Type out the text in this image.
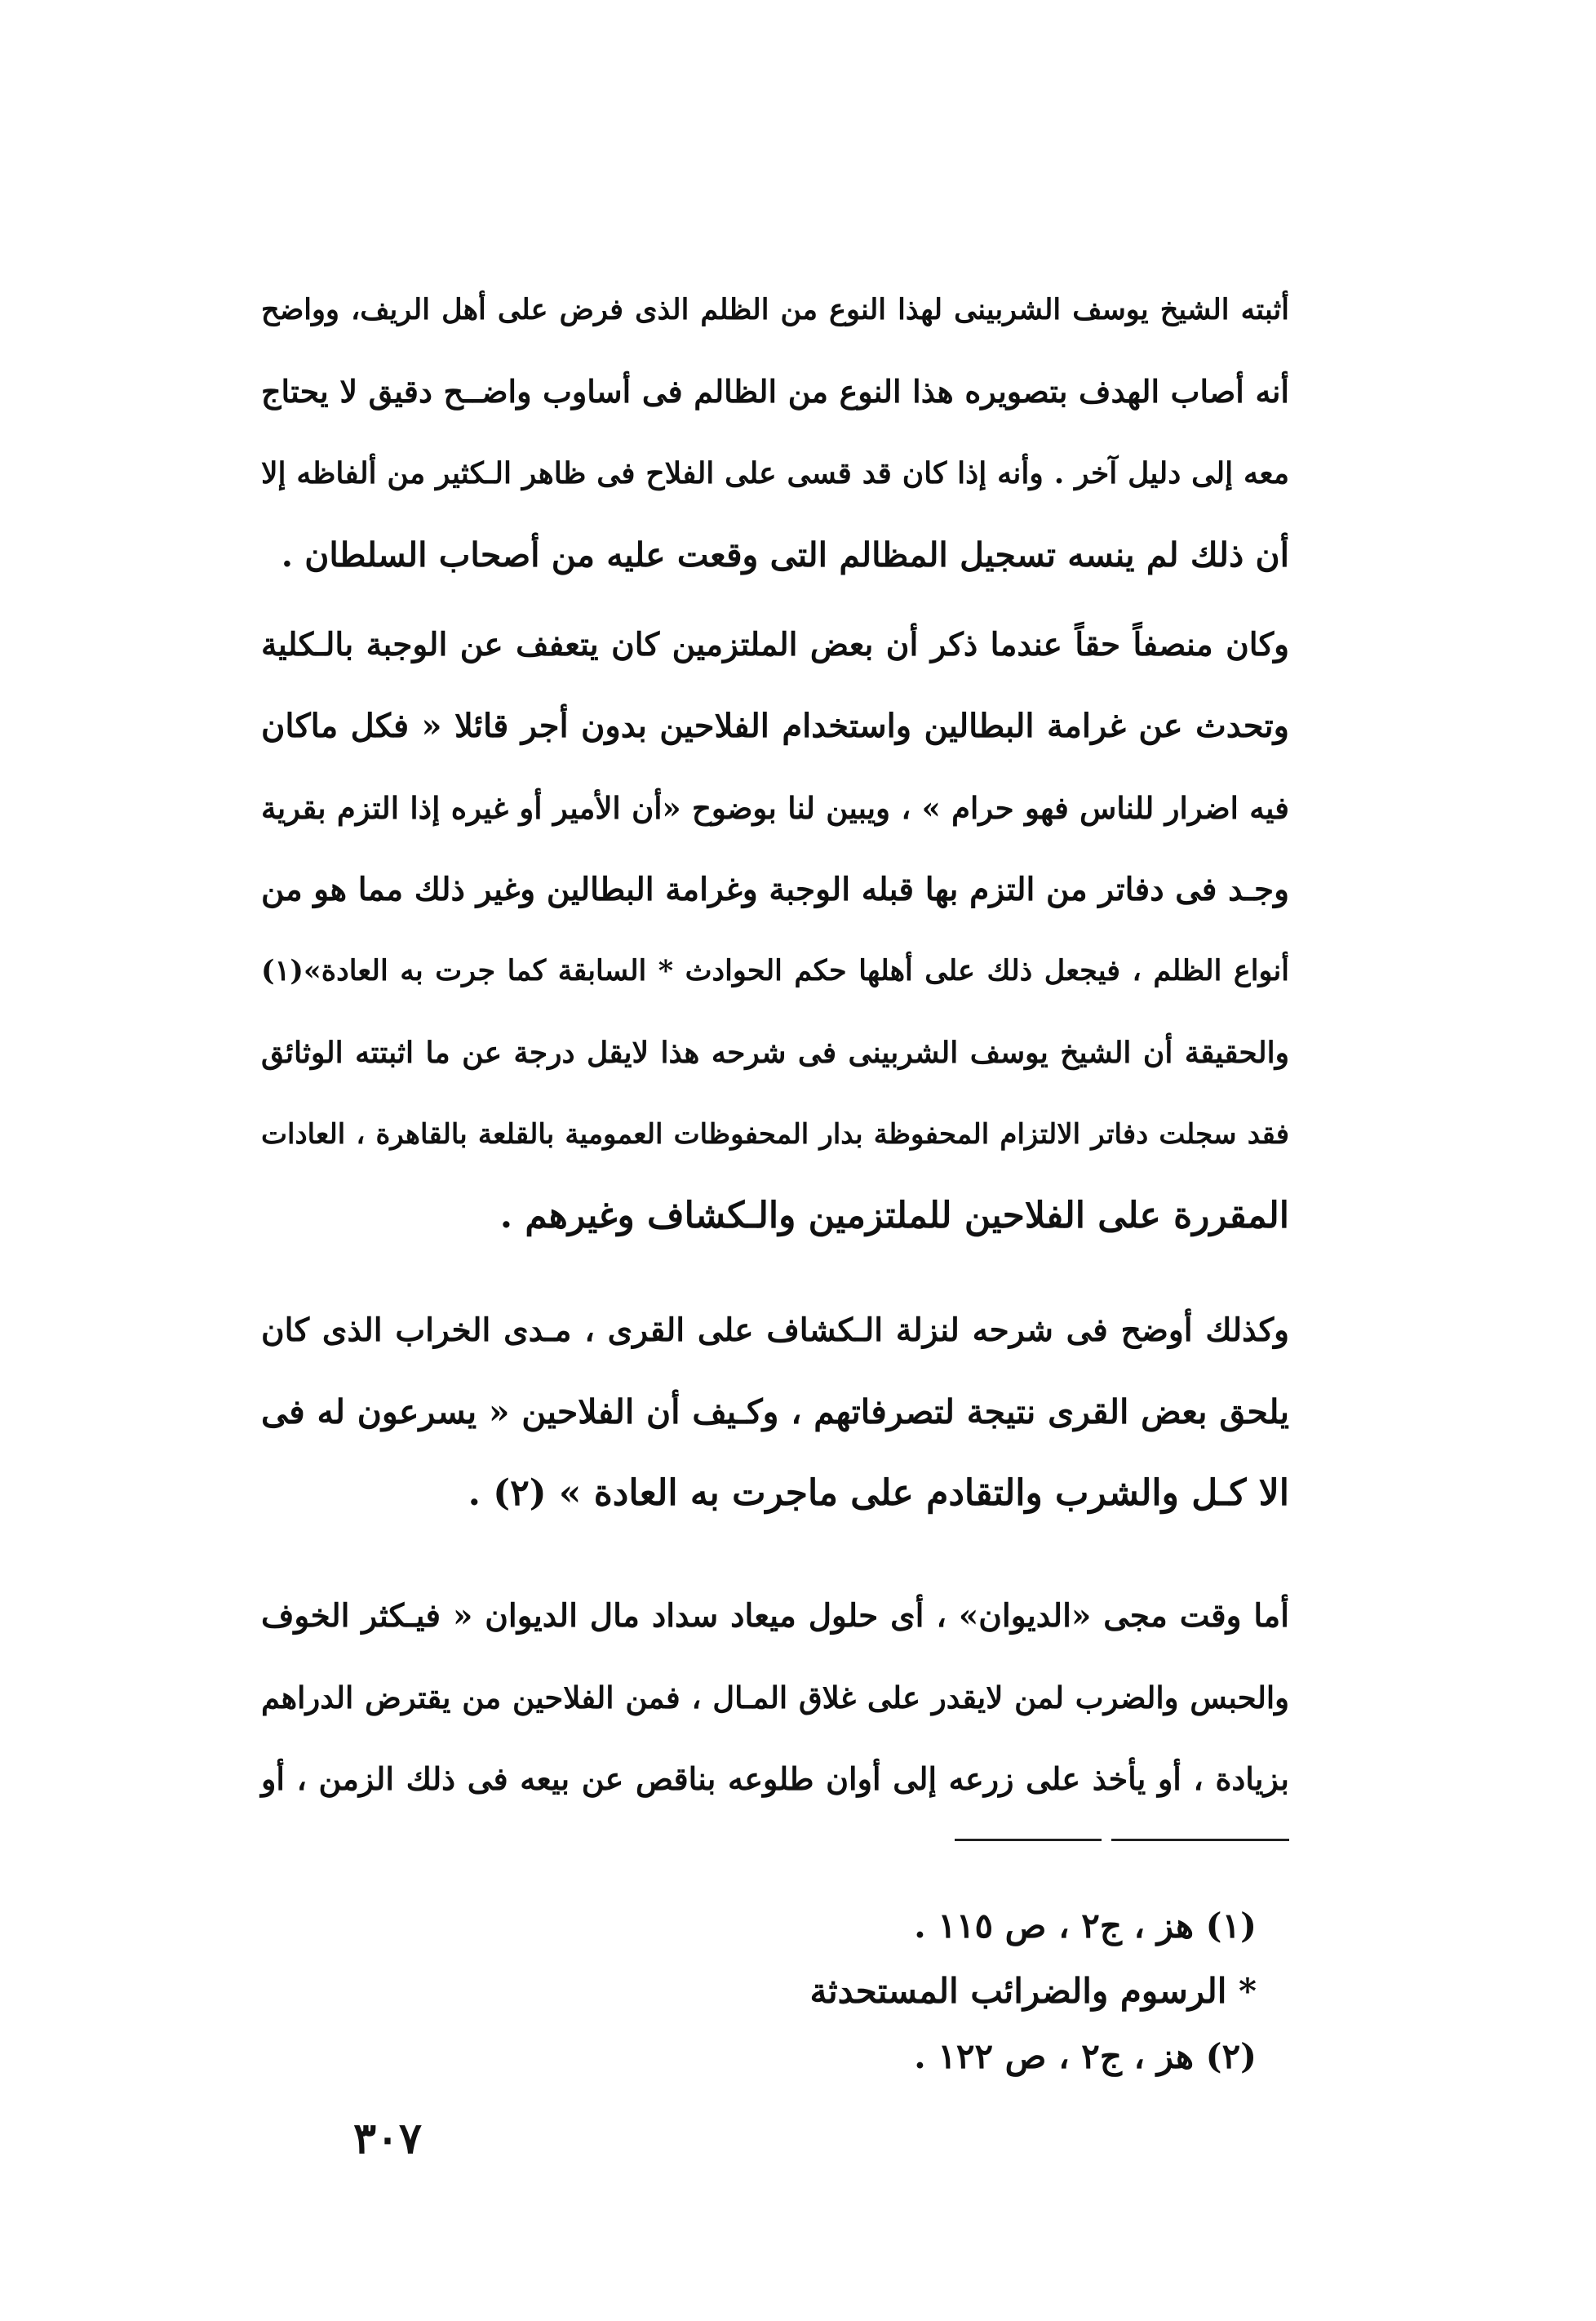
أثبته الشيخ يوسف الشربينى لهذا النوع من الظلم الذى فرض على أهل الريف، وواضح
أنه أصاب الهدف بتصويره هذا النوع من الظالم فى أساوب واضــح دقيق لا يحتاج
معه إلى دليل آخر . وأنه إذا كان قد قسى على الفلاح فى ظاهر الـكثير من ألفاظه إلا
أن ذلك لم ينسه تسجيل المظالم التى وقعت عليه من أصحاب السلطان .
وكان منصفاً حقاً عندما ذكر أن بعض الملتزمين كان يتعفف عن الوجبة بالـكلية
وتحدث عن غرامة البطالين واستخدام الفلاحين بدون أجر قائلا « فكل ماكان
فيه اضرار للناس فهو حرام » ، ويبين لنا بوضوح «أن الأمير أو غيره إذا التزم بقرية
وجـد فى دفاتر من التزم بها قبله الوجبة وغرامة البطالين وغير ذلك مما هو من
أنواع الظلم ، فيجعل ذلك على أهلها حكم الحوادث * السابقة كما جرت به العادة»(١)
والحقيقة أن الشيخ يوسف الشربينى فى شرحه هذا لايقل درجة عن ما اثبتته الوثائق
فقد سجلت دفاتر الالتزام المحفوظة بدار المحفوظات العمومية بالقلعة بالقاهرة ، العادات
المقررة على الفلاحين للملتزمين والـكشاف وغيرهم .
وكذلك أوضح فى شرحه لنزلة الـكشاف على القرى ، مـدى الخراب الذى كان
يلحق بعض القرى نتيجة لتصرفاتهم ، وكـيف أن الفلاحين « يسرعون له فى
الا كـل والشرب والتقادم على ماجرت به العادة » (٢) .
أما وقت مجى «الديوان» ، أى حلول ميعاد سداد مال الديوان « فيـكثر الخوف
والحبس والضرب لمن لايقدر على غلاق المـال ، فمن الفلاحين من يقترض الدراهم
بزيادة ، أو يأخذ على زرعه إلى أوان طلوعه بناقص عن بيعه فى ذلك الزمن ، أو
(١) هز ، ج٢ ، ص ١١٥ .
* الرسوم والضرائب المستحدثة
(٢) هز ، ج٢ ، ص ١٢٢ .
٣٠٧
